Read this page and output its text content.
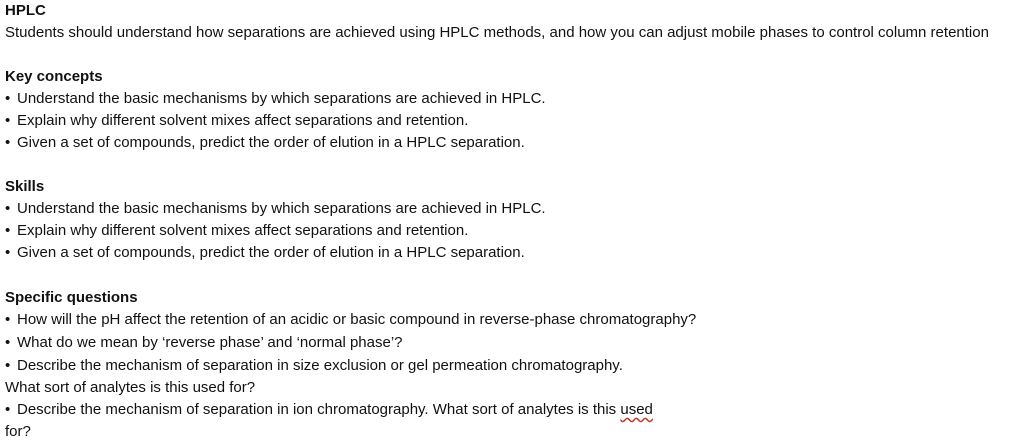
HPLC
Students should understand how separations are achieved using HPLC methods, and how you can adjust mobile phases to control column retention
Key concepts
• Understand the basic mechanisms by which separations are achieved in HPLC.
• Explain why different solvent mixes affect separations and retention.
• Given a set of compounds, predict the order of elution in a HPLC separation.
Skills
• Understand the basic mechanisms by which separations are achieved in HPLC.
• Explain why different solvent mixes affect separations and retention.
• Given a set of compounds, predict the order of elution in a HPLC separation.
Specific questions
• How will the pH affect the retention of an acidic or basic compound in reverse-phase chromatography?
• What do we mean by ‘reverse phase’ and ‘normal phase’?
• Describe the mechanism of separation in size exclusion or gel permeation chromatography.
What sort of analytes is this used for?
• Describe the mechanism of separation in ion chromatography. What sort of analytes is this used
for?
